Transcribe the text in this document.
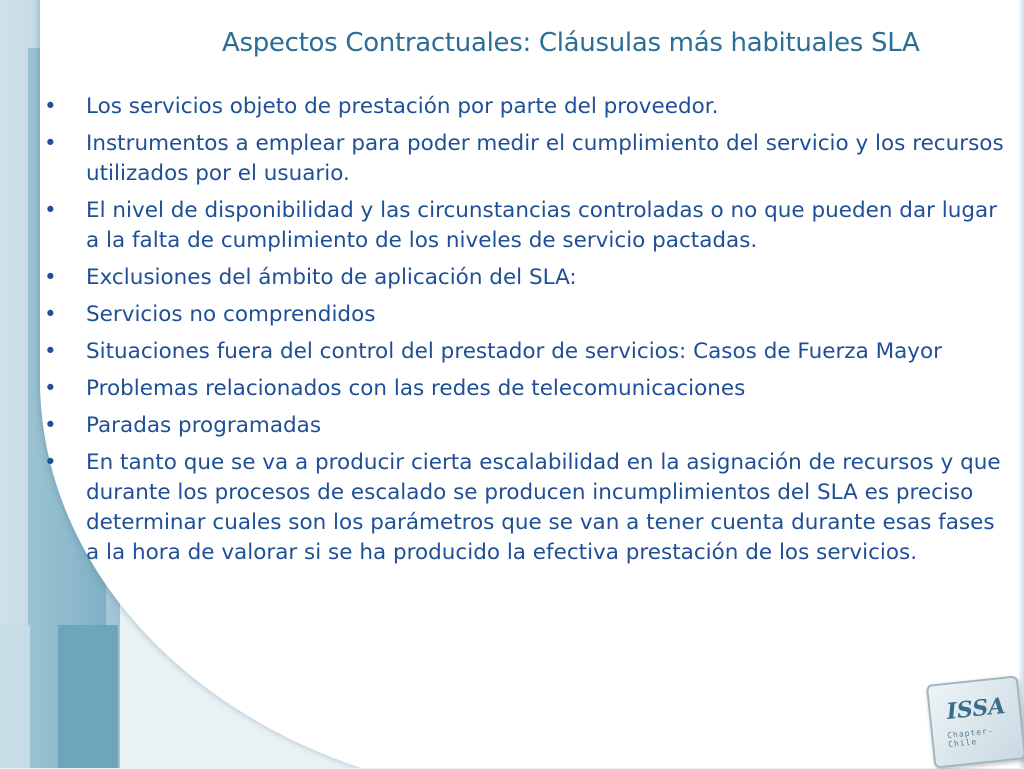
Aspectos Contractuales: Cláusulas más habituales SLA
•	Los servicios objeto de prestación por parte del proveedor.
•	Instrumentos a emplear para poder medir el cumplimiento del servicio y los recursos utilizados por el usuario.
•	El nivel de disponibilidad y las circunstancias controladas o no que pueden dar lugar a la falta de cumplimiento de los niveles de servicio pactadas.
•	Exclusiones del ámbito de aplicación del SLA:
•	Servicios no comprendidos
•	Situaciones fuera del control del prestador de servicios: Casos de Fuerza Mayor
•	Problemas relacionados con las redes de telecomunicaciones
•	Paradas programadas
•	En tanto que se va a producir cierta escalabilidad en la asignación de recursos y que durante los procesos de escalado se producen incumplimientos del SLA es preciso determinar cuales son los parámetros que se van a tener cuenta durante esas fases a la hora de valorar si se ha producido la efectiva prestación de los servicios.
ISSA
Chapter-Chile
